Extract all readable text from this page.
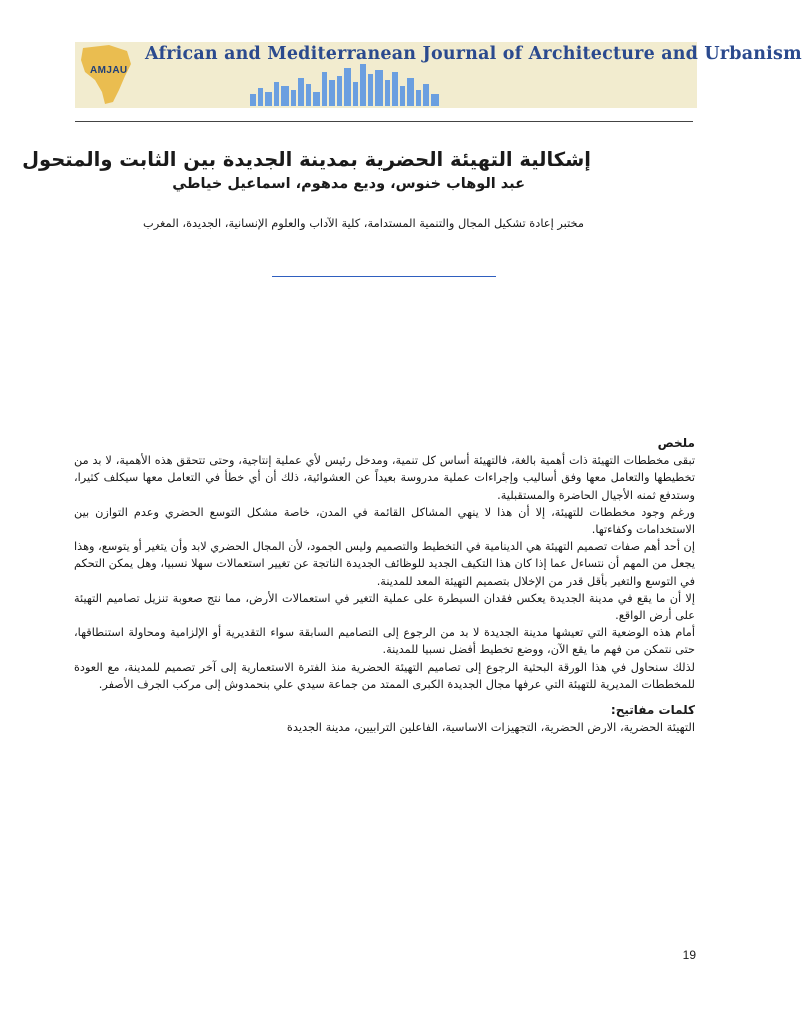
African and Mediterranean Journal of Architecture and Urbanism
AMJAU
إشكالية التهيئة الحضرية بمدينة الجديدة بين الثابت والمتحول
عبد الوهاب خنوس، وديع مدهوم، اسماعيل خياطي
مختبر إعادة تشكيل المجال والتنمية المستدامة، كلية الآداب والعلوم الإنسانية، الجديدة، المغرب
ملخص

تبقى مخططات التهيئة ذات أهمية بالغة، فالتهيئة أساس كل تنمية، ومدخل رئيس لأي عملية إنتاجية، وحتى تتحقق هذه الأهمية، لا بد من تخطيطها والتعامل معها وفق أساليب وإجراءات عملية مدروسة بعيداً عن العشوائية، ذلك أن أي خطأ في التعامل معها سيكلف كثيرا، وستدفع ثمنه الأجيال الحاضرة والمستقبلية.

ورغم وجود مخططات للتهيئة، إلا أن هذا لا ينهي المشاكل القائمة في المدن، خاصة مشكل التوسع الحضري وعدم التوازن بين الاستخدامات وكفاءتها.

إن أحد أهم صفات تصميم التهيئة هي الدينامية في التخطيط والتصميم وليس الجمود، لأن المجال الحضري لابد وأن يتغير أو يتوسع، وهذا يجعل من المهم أن نتساءل عما إذا كان هذا التكيف الجديد للوظائف الجديدة الناتجة عن تغيير استعمالات سهلا نسبيا، وهل يمكن التحكم في التوسع والتغير بأقل قدر من الإخلال بتصميم التهيئة المعد للمدينة.

إلا أن ما يقع في مدينة الجديدة يعكس فقدان السيطرة على عملية التغير في استعمالات الأرض، مما نتج صعوبة تنزيل تصاميم التهيئة على أرض الواقع.

أمام هذه الوضعية التي تعيشها مدينة الجديدة لا بد من الرجوع إلى التصاميم السابقة سواء التقديرية أو الإلزامية ومحاولة استنطاقها، حتى نتمكن من فهم ما يقع الآن، ووضع تخطيط أفضل نسبيا للمدينة.

لذلك سنحاول في هذا الورقة البحثية الرجوع إلى تصاميم التهيئة الحضرية منذ الفترة الاستعمارية إلى آخر تصميم للمدينة، مع العودة للمخططات المديرية للتهيئة التي عرفها مجال الجديدة الكبرى الممتد من جماعة سيدي علي بنحمدوش إلى مركب الجرف الأصفر.

كلمات مفاتيح:
التهيئة الحضرية، الارض الحضرية، التجهيزات الاساسية، الفاعلين الترابيين، مدينة الجديدة
19
